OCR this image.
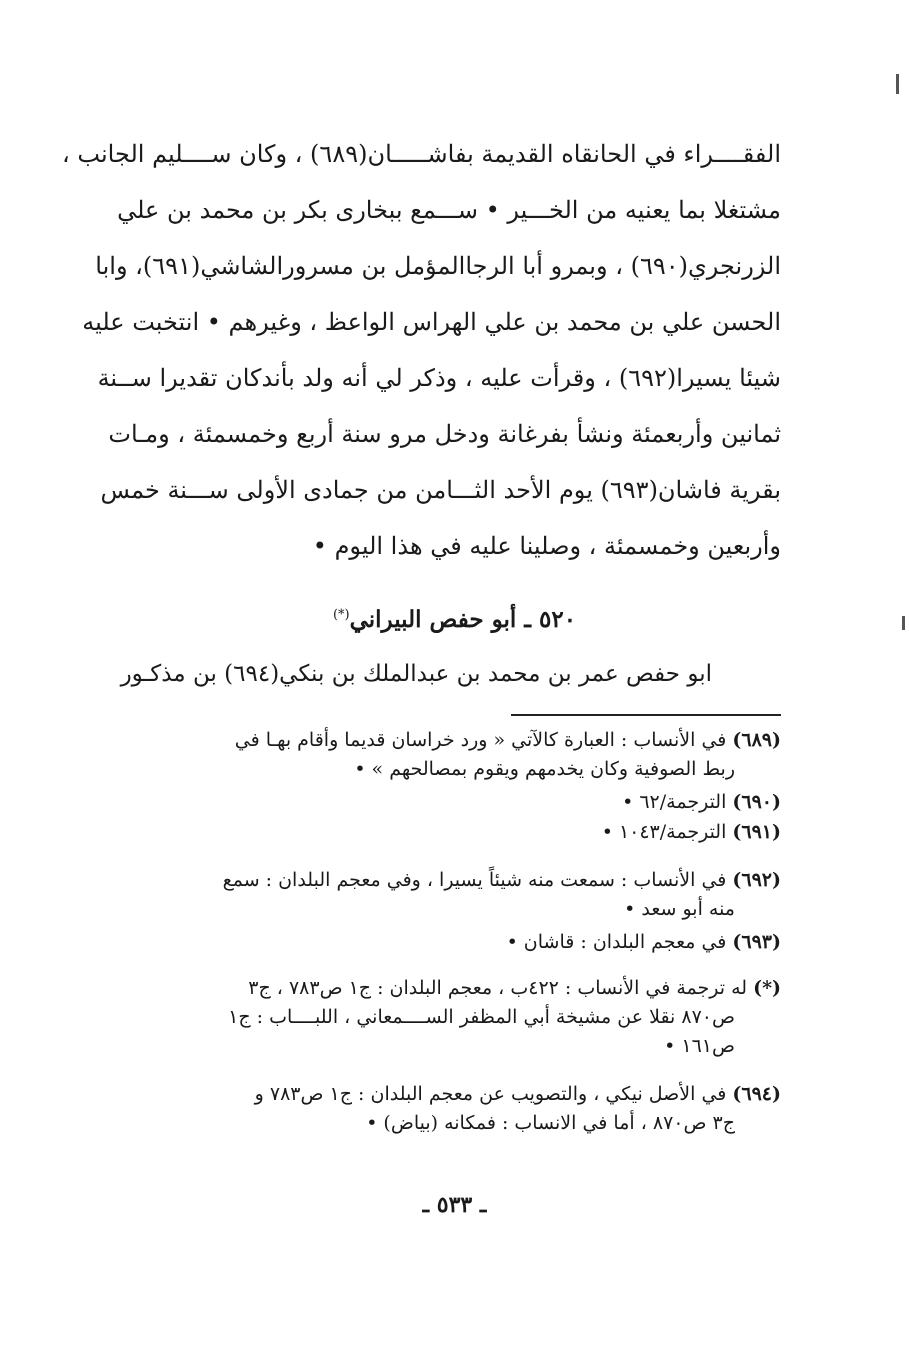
الفقــــراء في الحانقاه القديمة بفاشـــــان(٦٨٩) ، وكان ســــليم الجانب ،
مشتغلا بما يعنيه من الخـــير • ســـمع ببخارى بكر بن محمد بن علي
الزرنجري(٦٩٠) ، وبمرو أبا الرجاالمؤمل بن مسرورالشاشي(٦٩١)، وابا
الحسن علي بن محمد بن علي الهراس الواعظ ، وغيرهم • انتخبت عليه
شيئا يسيرا(٦٩٢) ، وقرأت عليه ، وذكر لي أنه ولد بأندكان تقديرا ســنة
ثمانين وأربعمئة ونشأ بفرغانة ودخل مرو سنة أربع وخمسمئة ، ومـات
بقرية فاشان(٦٩٣) يوم الأحد الثـــامن من جمادى الأولى ســـنة خمس
وأربعين وخمسمئة ، وصلينا عليه في هذا اليوم •
٥٢٠ ـ أبو حفص البيراني(*)
ابو حفص عمر بن محمد بن عبدالملك بن بنكي(٦٩٤) بن مذكـور
(٦٨٩)في الأنساب : العبارة كالآتي « ورد خراسان قديما وأقام بهـا في
ربط الصوفية وكان يخدمهم ويقوم بمصالحهم » •
(٦٩٠)الترجمة/٦٢ •
(٦٩١)الترجمة/١٠٤٣ •
(٦٩٢)في الأنساب : سمعت منه شيئاً يسيرا ، وفي معجم البلدان : سمع
منه أبو سعد •
(٦٩٣)في معجم البلدان : قاشان •
(*)له ترجمة في الأنساب : ٤٢٢ب ، معجم البلدان : ج١ ص٧٨٣ ، ج٣
ص٨٧٠ نقلا عن مشيخة أبي المظفر الســــمعاني ، اللبــــاب : ج١
ص١٦١ •
(٦٩٤)في الأصل نيكي ، والتصويب عن معجم البلدان : ج١ ص٧٨٣ و
ج٣ ص٨٧٠ ، أما في الانساب : فمكانه (بياض) •
ـ ٥٣٣ ـ
